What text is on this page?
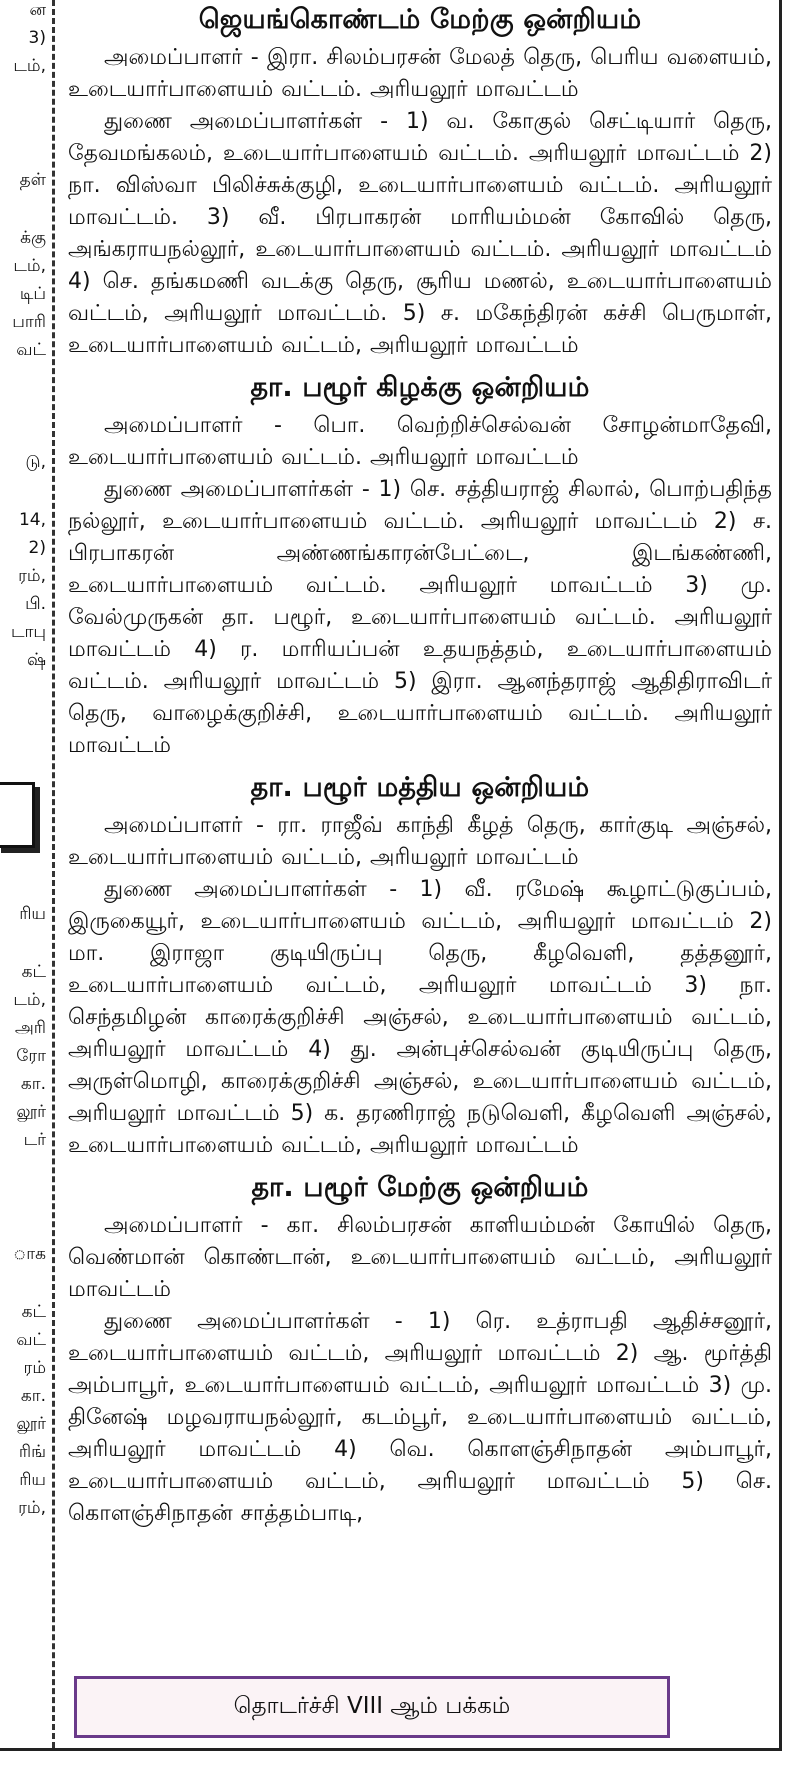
ன
3)
டம்,
தள்
க்கு
டம்,
டிப்
பாரி
வட்
டு,
14,
2)
ரம்,
பி.
டாபு
ஷ்
ரிய
கட்
டம்,
அரி
ரோ
கா.
லூர்
டர்
ாக
கட்
வட்
ரம்
கா.
லூர்
ரிங்
ரிய
ரம்,
ஜெயங்கொண்டம் மேற்கு ஒன்றியம்

அமைப்பாளர் - இரா. சிலம்பரசன் மேலத் தெரு, பெரிய வளையம், உடையார்பாளையம் வட்டம். அரியலூர் மாவட்டம்

துணை அமைப்பாளர்கள் - 1) வ. கோகுல் செட்டியார் தெரு, தேவமங்கலம், உடையார்பாளையம் வட்டம். அரியலூர் மாவட்டம் 2) நா. விஸ்வா பிலிச்சுக்குழி, உடையார்பாளையம் வட்டம். அரியலூர் மாவட்டம். 3) வீ. பிரபாகரன் மாரியம்மன் கோவில் தெரு, அங்கராயநல்லூர், உடையார்பாளையம் வட்டம். அரியலூர் மாவட்டம் 4) செ. தங்கமணி வடக்கு தெரு, சூரிய மணல், உடையார்பாளையம் வட்டம், அரியலூர் மாவட்டம். 5) ச. மகேந்திரன் கச்சி பெருமாள், உடையார்பாளையம் வட்டம், அரியலூர் மாவட்டம்

தா. பழூர் கிழக்கு ஒன்றியம்

அமைப்பாளர் - பொ. வெற்றிச்செல்வன் சோழன்மாதேவி, உடையார்பாளையம் வட்டம். அரியலூர் மாவட்டம்

துணை அமைப்பாளர்கள் - 1) செ. சத்தியராஜ் சிலால், பொற்பதிந்த நல்லூர், உடையார்பாளையம் வட்டம். அரியலூர் மாவட்டம் 2) ச. பிரபாகரன் அண்ணங்காரன்பேட்டை, இடங்கண்ணி, உடையார்பாளையம் வட்டம். அரியலூர் மாவட்டம் 3) மு. வேல்முருகன் தா. பழூர், உடையார்பாளையம் வட்டம். அரியலூர் மாவட்டம் 4) ர. மாரியப்பன் உதயநத்தம், உடையார்பாளையம் வட்டம். அரியலூர் மாவட்டம் 5) இரா. ஆனந்தராஜ் ஆதிதிராவிடர் தெரு, வாழைக்குறிச்சி, உடையார்பாளையம் வட்டம். அரியலூர் மாவட்டம்

தா. பழூர் மத்திய ஒன்றியம்

அமைப்பாளர் - ரா. ராஜீவ் காந்தி கீழத் தெரு, கார்குடி அஞ்சல், உடையார்பாளையம் வட்டம், அரியலூர் மாவட்டம்

துணை அமைப்பாளர்கள் - 1) வீ. ரமேஷ் கூழாட்டுகுப்பம், இருகையூர், உடையார்பாளையம் வட்டம், அரியலூர் மாவட்டம் 2) மா. இராஜா குடியிருப்பு தெரு, கீழவெளி, தத்தனூர், உடையார்பாளையம் வட்டம், அரியலூர் மாவட்டம் 3) நா. செந்தமிழன் காரைக்குறிச்சி அஞ்சல், உடையார்பாளையம் வட்டம், அரியலூர் மாவட்டம் 4) து. அன்புச்செல்வன் குடியிருப்பு தெரு, அருள்மொழி, காரைக்குறிச்சி அஞ்சல், உடையார்பாளையம் வட்டம், அரியலூர் மாவட்டம் 5) க. தரணிராஜ் நடுவெளி, கீழவெளி அஞ்சல், உடையார்பாளையம் வட்டம், அரியலூர் மாவட்டம்

தா. பழூர் மேற்கு ஒன்றியம்

அமைப்பாளர் - கா. சிலம்பரசன் காளியம்மன் கோயில் தெரு, வெண்மான் கொண்டான், உடையார்பாளையம் வட்டம், அரியலூர் மாவட்டம்

துணை அமைப்பாளர்கள் - 1) ரெ. உத்ராபதி ஆதிச்சனூர், உடையார்பாளையம் வட்டம், அரியலூர் மாவட்டம் 2) ஆ. மூர்த்தி அம்பாபூர், உடையார்பாளையம் வட்டம், அரியலூர் மாவட்டம் 3) மு. தினேஷ் மழவராயநல்லூர், கடம்பூர், உடையார்பாளையம் வட்டம், அரியலூர் மாவட்டம் 4) வெ. கொளஞ்சிநாதன் அம்பாபூர், உடையார்பாளையம் வட்டம், அரியலூர் மாவட்டம் 5) செ. கொளஞ்சிநாதன் சாத்தம்பாடி,

தொடர்ச்சி VIII ஆம் பக்கம்
